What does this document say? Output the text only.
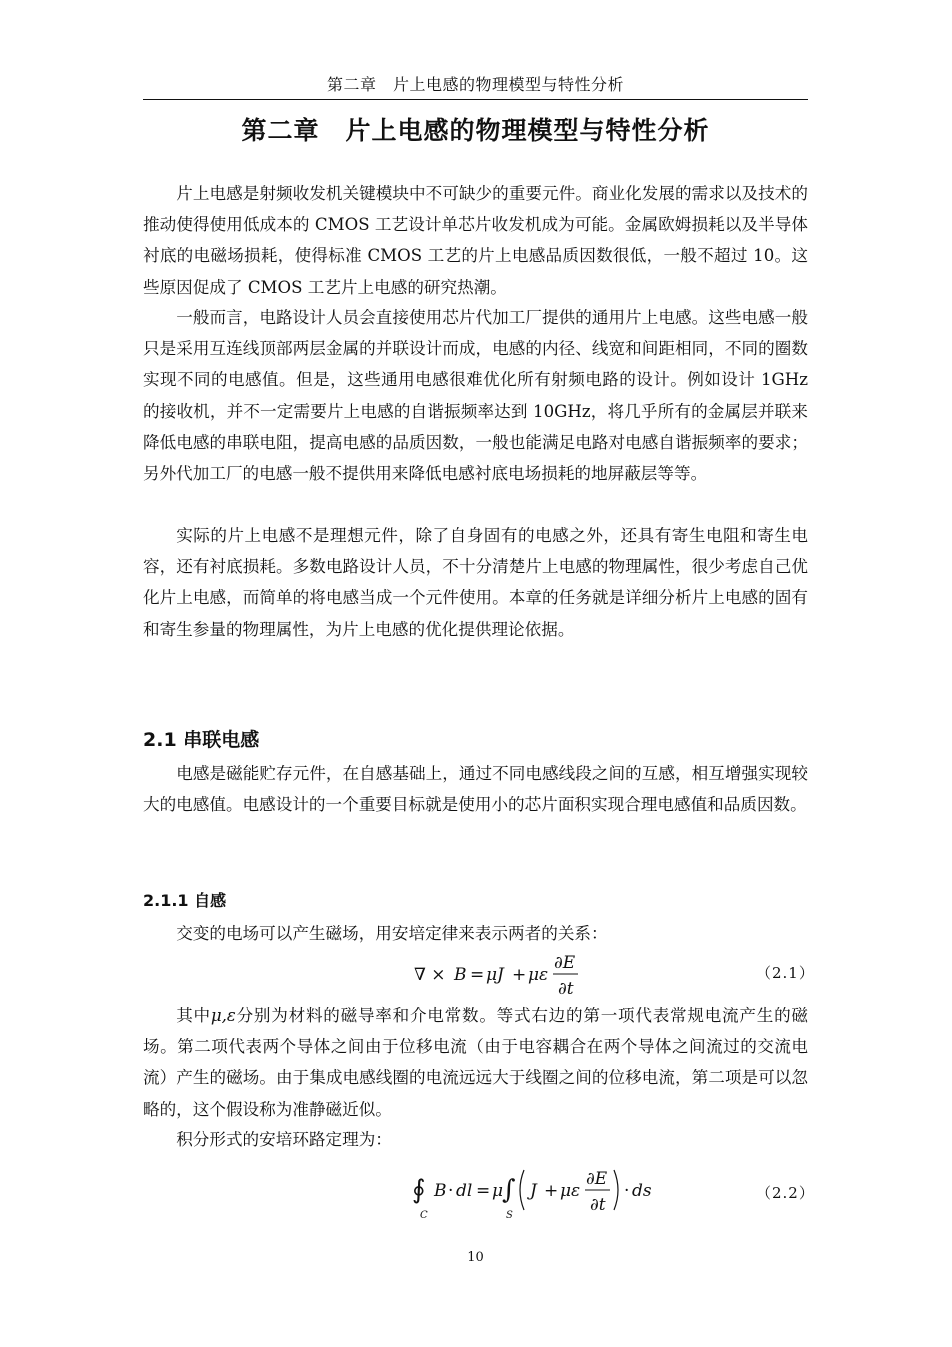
第二章　片上电感的物理模型与特性分析
第二章　片上电感的物理模型与特性分析

片上电感是射频收发机关键模块中不可缺少的重要元件。商业化发展的需求以及技术的推动使得使用低成本的 CMOS 工艺设计单芯片收发机成为可能。金属欧姆损耗以及半导体衬底的电磁场损耗，使得标准 CMOS 工艺的片上电感品质因数很低，一般不超过 10。这些原因促成了 CMOS 工艺片上电感的研究热潮。

一般而言，电路设计人员会直接使用芯片代加工厂提供的通用片上电感。这些电感一般只是采用互连线顶部两层金属的并联设计而成，电感的内径、线宽和间距相同，不同的圈数实现不同的电感值。但是，这些通用电感很难优化所有射频电路的设计。例如设计 1GHz 的接收机，并不一定需要片上电感的自谐振频率达到 10GHz，将几乎所有的金属层并联来降低电感的串联电阻，提高电感的品质因数，一般也能满足电路对电感自谐振频率的要求；另外代加工厂的电感一般不提供用来降低电感衬底电场损耗的地屏蔽层等等。

实际的片上电感不是理想元件，除了自身固有的电感之外，还具有寄生电阻和寄生电容，还有衬底损耗。多数电路设计人员，不十分清楚片上电感的物理属性，很少考虑自己优化片上电感，而简单的将电感当成一个元件使用。本章的任务就是详细分析片上电感的固有和寄生参量的物理属性，为片上电感的优化提供理论依据。

2.1 串联电感

电感是磁能贮存元件，在自感基础上，通过不同电感线段之间的互感，相互增强实现较大的电感值。电感设计的一个重要目标就是使用小的芯片面积实现合理电感值和品质因数。

2.1.1 自感

交变的电场可以产生磁场，用安培定律来表示两者的关系：

∇ × B = μJ + με
∂E
∂t
（2.1）

其中μ,ε分别为材料的磁导率和介电常数。等式右边的第一项代表常规电流产生的磁场。第二项代表两个导体之间由于位移电流（由于电容耦合在两个导体之间流过的交流电流）产生的磁场。由于集成电感线圈的电流远远大于线圈之间的位移电流，第二项是可以忽略的，这个假设称为准静磁近似。

积分形式的安培环路定理为：

∮
C
B · dl = μ
∫
S
J + με
∂E
∂t
· ds	（2.2）
10
